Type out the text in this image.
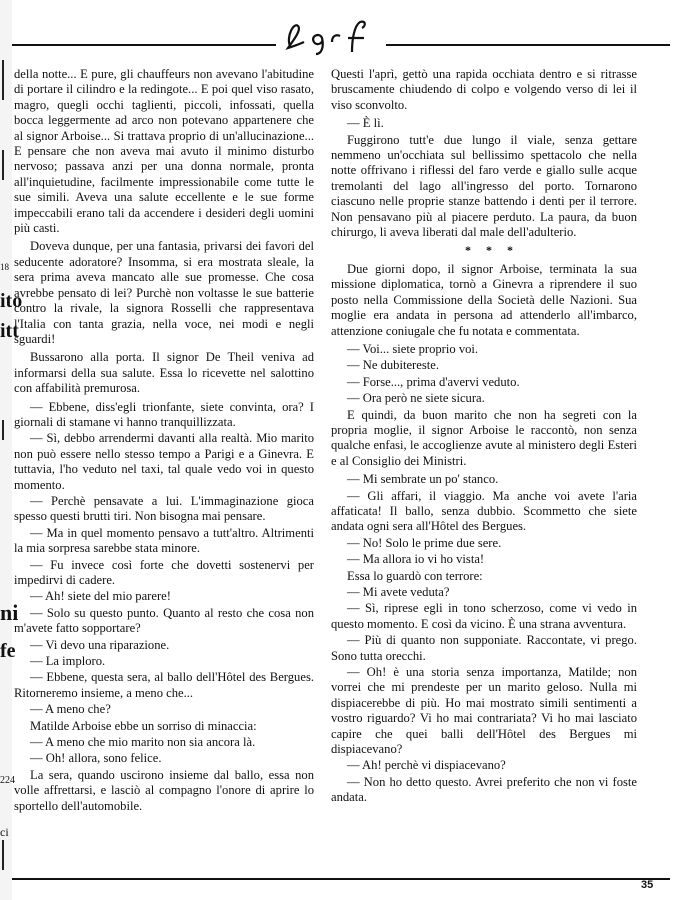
ito
itt
ni
fe
224
ci
18

della notte... E pure, gli chauffeurs non avevano l'abitudine di portare il cilindro e la redingote... E poi quel viso rasato, magro, quegli occhi taglienti, piccoli, infossati, quella bocca leggermente ad arco non potevano appartenere che al signor Arboise... Si trattava proprio di un'allucinazione... E pensare che non aveva mai avuto il minimo disturbo nervoso; passava anzi per una donna normale, pronta all'inquietudine, facilmente impressionabile come tutte le sue simili. Aveva una salute eccellente e le sue forme impeccabili erano tali da accendere i desideri degli uomini più casti.

Doveva dunque, per una fantasia, privarsi dei favori del seducente adoratore? Insomma, si era mostrata sleale, la sera prima aveva mancato alle sue promesse. Che cosa avrebbe pensato di lei? Purchè non voltasse le sue batterie contro la rivale, la signora Rosselli che rappresentava l'Italia con tanta grazia, nella voce, nei modi e negli sguardi!

Bussarono alla porta. Il signor De Theil veniva ad informarsi della sua salute. Essa lo ricevette nel salottino con affabilità premurosa.

— Ebbene, diss'egli trionfante, siete convinta, ora? I giornali di stamane vi hanno tranquillizzata.

— Sì, debbo arrendermi davanti alla realtà. Mio marito non può essere nello stesso tempo a Parigi e a Ginevra. E tuttavia, l'ho veduto nel taxi, tal quale vedo voi in questo momento.

— Perchè pensavate a lui. L'immaginazione gioca spesso questi brutti tiri. Non bisogna mai pensare.

— Ma in quel momento pensavo a tutt'altro. Altrimenti la mia sorpresa sarebbe stata minore.

— Fu invece così forte che dovetti sostenervi per impedirvi di cadere.

— Ah! siete del mio parere!

— Solo su questo punto. Quanto al resto che cosa non m'avete fatto sopportare?

— Vi devo una riparazione.

— La imploro.

— Ebbene, questa sera, al ballo dell'Hôtel des Bergues. Ritorneremo insieme, a meno che...

— A meno che?

Matilde Arboise ebbe un sorriso di minaccia:

— A meno che mio marito non sia ancora là.

— Oh! allora, sono felice.

La sera, quando uscirono insieme dal ballo, essa non volle affrettarsi, e lasciò al compagno l'onore di aprire lo sportello dell'automobile.

Questi l'aprì, gettò una rapida occhiata dentro e si ritrasse bruscamente chiudendo di colpo e volgendo verso di lei il viso sconvolto.

— È lì.

Fuggirono tutt'e due lungo il viale, senza gettare nemmeno un'occhiata sul bellissimo spettacolo che nella notte offrivano i riflessi del faro verde e giallo sulle acque tremolanti del lago all'ingresso del porto. Tornarono ciascuno nelle proprie stanze battendo i denti per il terrore. Non pensavano più al piacere perduto. La paura, da buon chirurgo, li aveva liberati dal male dell'adulterio.

* * *

Due giorni dopo, il signor Arboise, terminata la sua missione diplomatica, tornò a Ginevra a riprendere il suo posto nella Commissione della Società delle Nazioni. Sua moglie era andata in persona ad attenderlo all'imbarco, attenzione coniugale che fu notata e commentata.

— Voi... siete proprio voi.

— Ne dubitereste.

— Forse..., prima d'avervi veduto.

— Ora però ne siete sicura.

E quindi, da buon marito che non ha segreti con la propria moglie, il signor Arboise le raccontò, non senza qualche enfasi, le accoglienze avute al ministero degli Esteri e al Consiglio dei Ministri.

— Mi sembrate un po' stanco.

— Gli affari, il viaggio. Ma anche voi avete l'aria affaticata! Il ballo, senza dubbio. Scommetto che siete andata ogni sera all'Hôtel des Bergues.

— No! Solo le prime due sere.

— Ma allora io vi ho vista!

Essa lo guardò con terrore:

— Mi avete veduta?

— Sì, riprese egli in tono scherzoso, come vi vedo in questo momento. E così da vicino. È una strana avventura.

— Più di quanto non supponiate. Raccontate, vi prego. Sono tutta orecchi.

— Oh! è una storia senza importanza, Matilde; non vorrei che mi prendeste per un marito geloso. Nulla mi dispiacerebbe di più. Ho mai mostrato simili sentimenti a vostro riguardo? Vi ho mai contrariata? Vi ho mai lasciato capire che quei balli dell'Hôtel des Bergues mi dispiacevano?

— Ah! perchè vi dispiacevano?

— Non ho detto questo. Avrei preferito che non vi foste andata.

35
